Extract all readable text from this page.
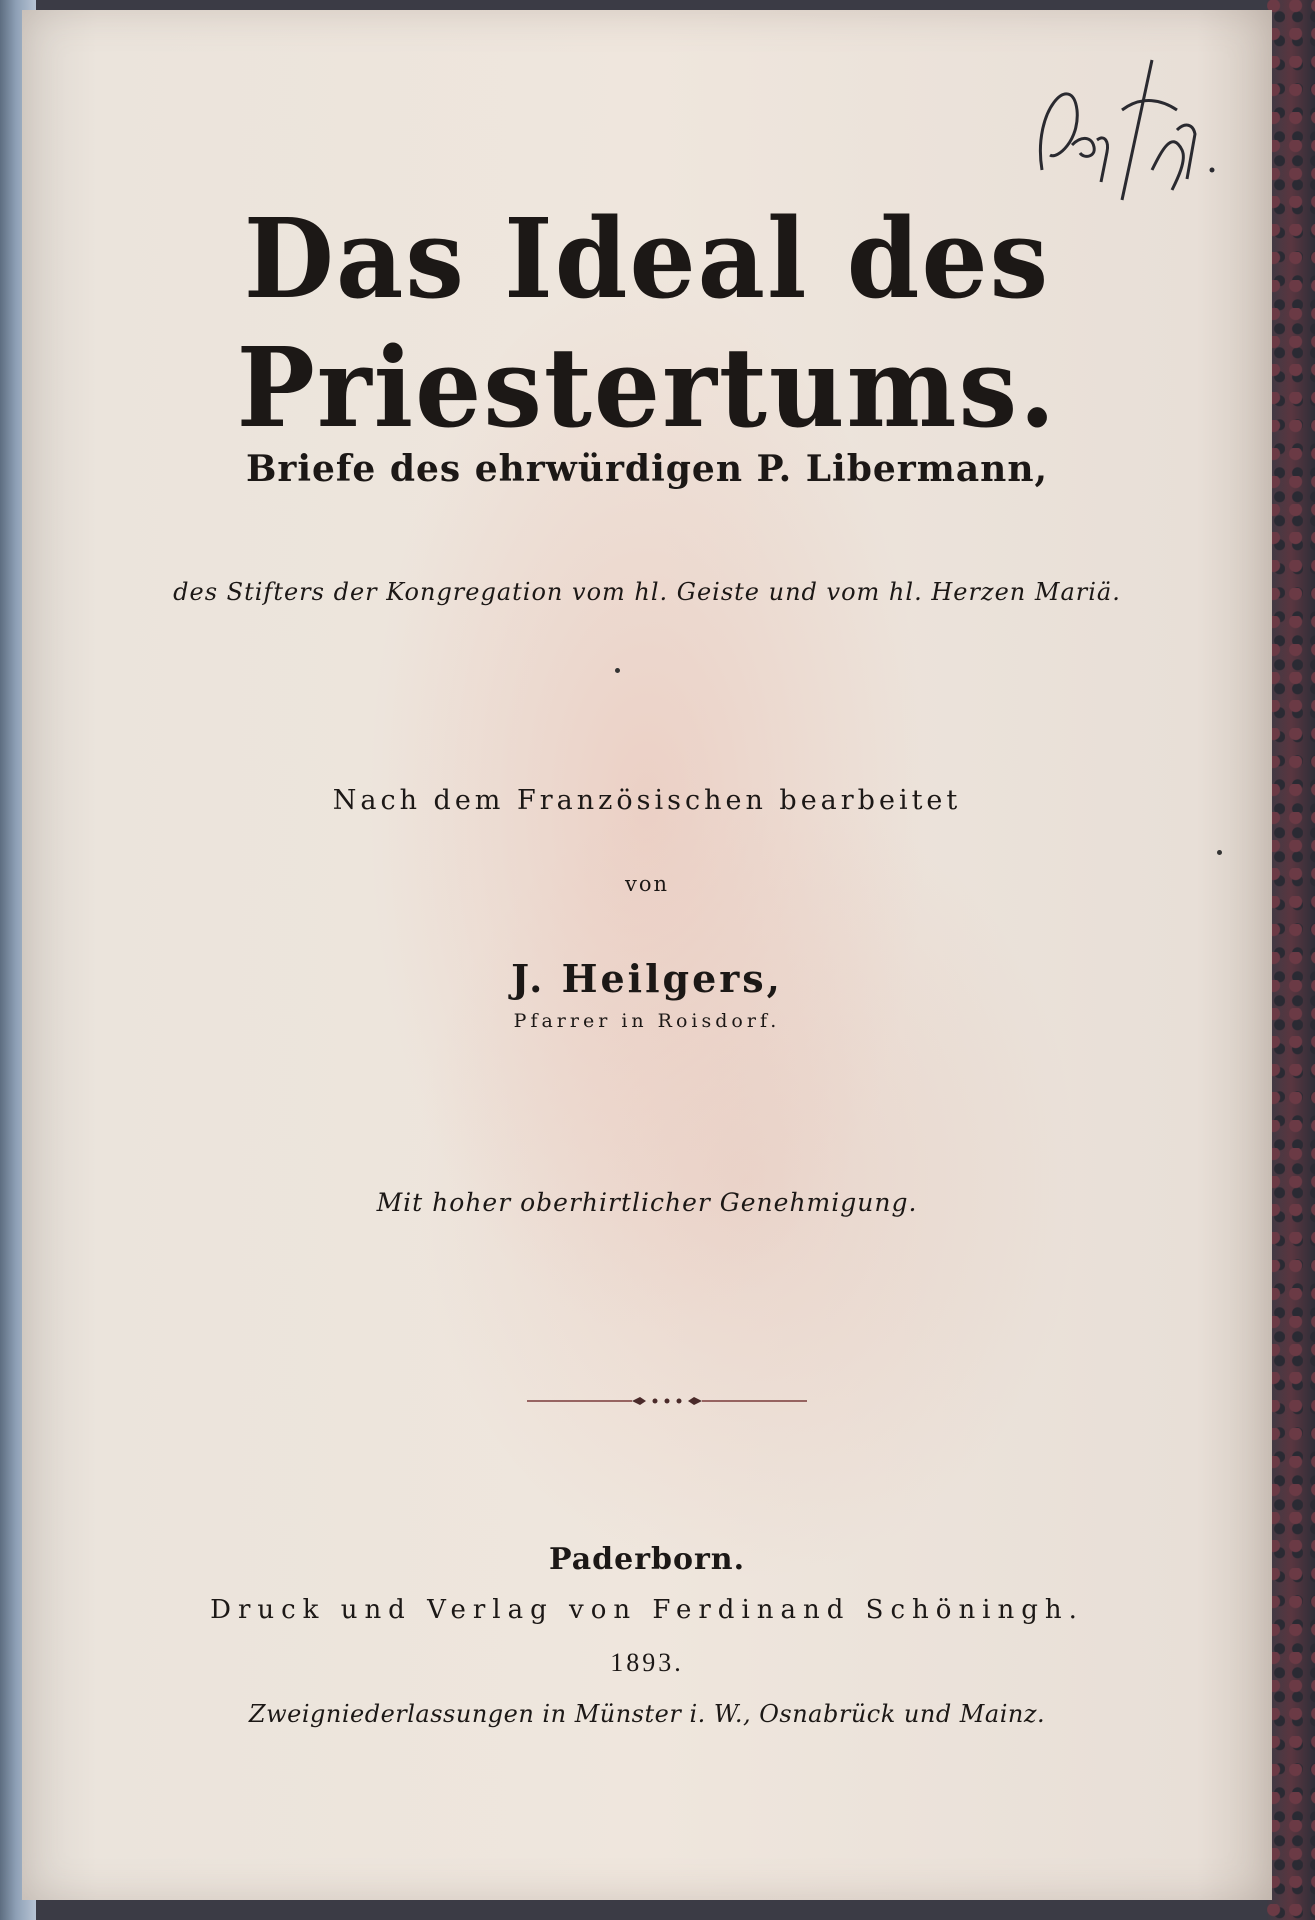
Das Ideal des Priestertums.
Briefe des ehrwürdigen P. Libermann,
des Stifters der Kongregation vom hl. Geiste und vom hl. Herzen Mariä.
Nach dem Französischen bearbeitet
von
J. Heilgers,
Pfarrer in Roisdorf.
Mit hoher oberhirtlicher Genehmigung.
Paderborn.
Druck und Verlag von Ferdinand Schöningh.
1893.
Zweigniederlassungen in Münster i. W., Osnabrück und Mainz.
